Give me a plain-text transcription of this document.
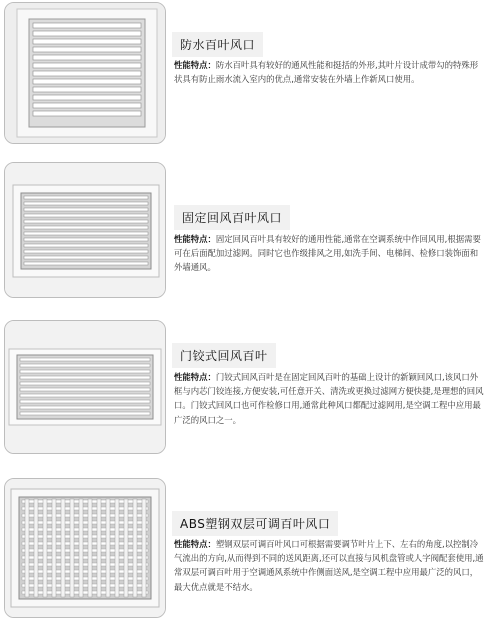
防水百叶风口

性能特点：防水百叶具有较好的通风性能和挺括的外形,其叶片设计成带勾的特殊形状具有防止雨水流入室内的优点,通常安装在外墙上作新风口使用。

固定回风百叶风口

性能特点：固定回风百叶具有较好的通用性能,通常在空调系统中作回风用,根据需要可在后面配加过滤网。同时它也作级排风之用,如洗手间、电梯间、检修口装饰面和外墙通风。

门铰式回风百叶

性能特点：门铰式回风百叶是在固定回风百叶的基础上设计的新颖回风口,该风口外框与内芯门铰连接,方便安装,可任意开关、清洗或更换过滤网方便快捷,是理想的回风口。门铰式回风口也可作检修口用,通常此种风口都配过滤网用,是空调工程中应用最广泛的风口之一。

ABS塑钢双层可调百叶风口

性能特点：塑钢双层可调百叶风口可根据需要调节叶片上下、左右的角度,以控制冷气流出的方向,从而得到不同的送风距离,还可以直接与风机盘管或人字阀配套使用,通常双层可调百叶用于空调通风系统中作侧面送风,是空调工程中应用最广泛的风口，最大优点就是不结水。
